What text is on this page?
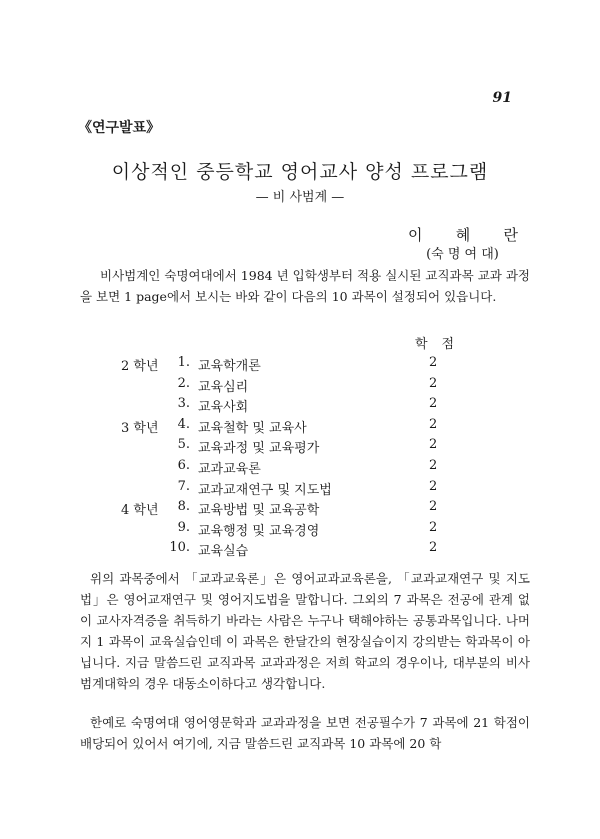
91
《연구발표》
이상적인 중등학교 영어교사 양성 프로그램
— 비 사범계 —
이 혜 란
(숙 명 여 대)

비사범계인 숙명여대에서 1984 년 입학생부터 적용 실시된 교직과목 교과 과정을 보면 1 page에서 보시는 바와 같이 다음의 10 과목이 설정되어 있읍니다.

학점
2 학년	1. 교육학개론	2
2. 교육심리	2
3. 교육사회	2
3 학년	4. 교육철학 및 교육사	2
5. 교육과정 및 교육평가	2
6. 교과교육론	2
7. 교과교재연구 및 지도법	2
4 학년	8. 교육방법 및 교육공학	2
9. 교육행정 및 교육경영	2
10. 교육실습	2

위의 과목중에서 「교과교육론」은 영어교과교육론을, 「교과교재연구 및 지도법」은 영어교재연구 및 영어지도법을 말합니다. 그외의 7 과목은 전공에 관계 없이 교사자격증을 취득하기 바라는 사람은 누구나 택해야하는 공통과목입니다. 나머지 1 과목이 교육실습인데 이 과목은 한달간의 현장실습이지 강의받는 학과목이 아닙니다. 지금 말씀드린 교직과목 교과과정은 저희 학교의 경우이나, 대부분의 비사범계대학의 경우 대동소이하다고 생각합니다.

한예로 숙명여대 영어영문학과 교과과정을 보면 전공필수가 7 과목에 21 학점이 배당되어 있어서 여기에, 지금 말씀드린 교직과목 10 과목에 20 학
